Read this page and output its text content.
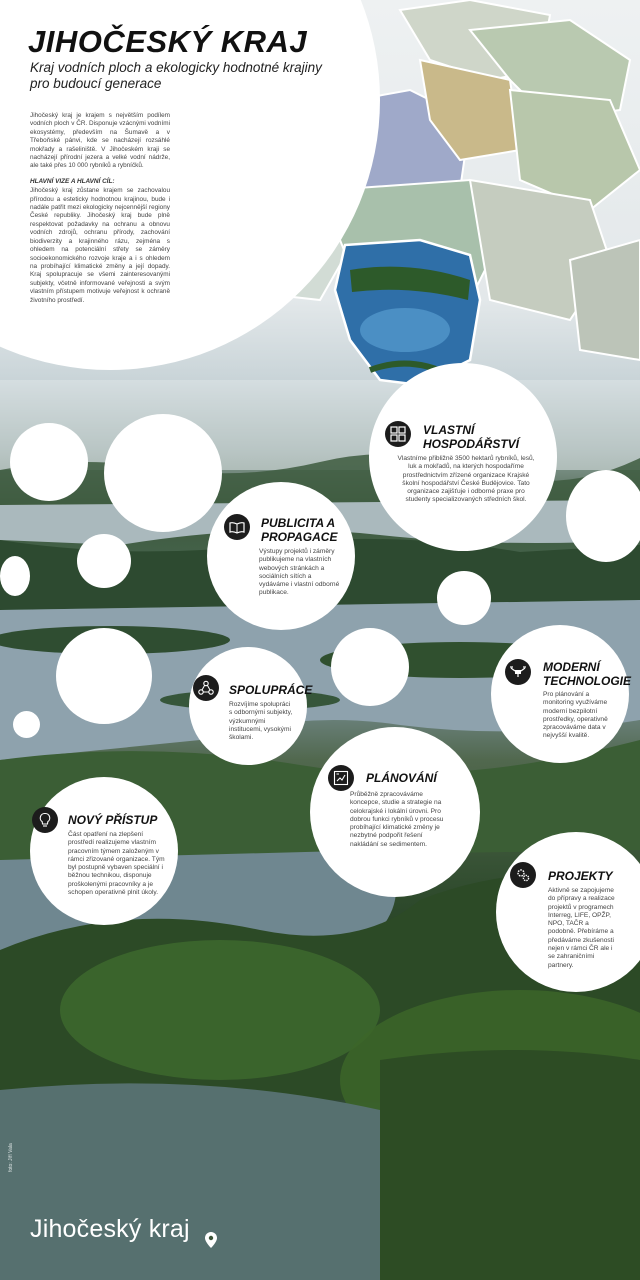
JIHOČESKÝ KRAJ
Kraj vodních ploch a ekologicky hodnotné krajiny pro budoucí generace

Jihočeský kraj je krajem s největším podílem vodních ploch v ČR. Disponuje vzácnými vodními ekosystémy, především na Šumavě a v Třeboňské pánvi, kde se nacházejí rozsáhlé mokřady a rašeliniště. V Jihočeském kraji se nacházejí přírodní jezera a velké vodní nádrže, ale také přes 10 000 rybníků a rybníčků.

HLAVNÍ VIZE A HLAVNÍ CÍL:

Jihočeský kraj zůstane krajem se zachovalou přírodou a esteticky hodnotnou krajinou, bude i nadále patřit mezi ekologicky nejcennější regiony České republiky. Jihočeský kraj bude plně respektovat požadavky na ochranu a obnovu vodních zdrojů, ochranu přírody, zachování biodiverzity a krajinného rázu, zejména s ohledem na potenciální střety se záměry socioekonomického rozvoje kraje a i s ohledem na probíhající klimatické změny a její dopady. Kraj spolupracuje se všemi zainteresovanými subjekty, včetně informované veřejnosti a svým vlastním přístupem motivuje veřejnost k ochraně životního prostředí.

VLASTNÍ
HOSPODÁŘSTVÍ
Vlastníme přibližně 3500 hektarů rybníků, lesů, luk a mokřadů, na kterých hospodaříme prostřednictvím zřízené organizace Krajské školní hospodářství České Budějovice. Tato organizace zajišťuje i odborné praxe pro studenty specializovaných středních škol.
PUBLICITA A
PROPAGACE
Výstupy projektů i záměry publikujeme na vlastních webových stránkách a sociálních sítích a vydáváme i vlastní odborné publikace.
MODERNÍ
TECHNOLOGIE
Pro plánování a monitoring využíváme moderní bezpilotní prostředky, operativně zpracováváme data v nejvyšší kvalitě.
SPOLUPRÁCE
Rozvíjíme spolupráci s odbornými subjekty, výzkumnými institucemi, vysokými školami.
PLÁNOVÁNÍ
Průběžně zpracováváme koncepce, studie a strategie na celokrajské i lokální úrovni. Pro dobrou funkci rybníků v procesu probíhající klimatické změny je nezbytné podpořit řešení nakládání se sedimentem.
NOVÝ PŘÍSTUP
Část opatření na zlepšení prostředí realizujeme vlastním pracovním týmem založeným v rámci zřizované organizace. Tým byl postupně vybaven speciální i běžnou technikou, disponuje proškolenými pracovníky a je schopen operativně plnit úkoly.
PROJEKTY
Aktivně se zapojujeme do přípravy a realizace projektů v programech Interreg, LIFE, OPŽP, NPO, TAČR a podobně. Přebíráme a předáváme zkušenosti nejen v rámci ČR ale i se zahraničními partnery.
foto: Jiří Vala
Jihočeský kraj
